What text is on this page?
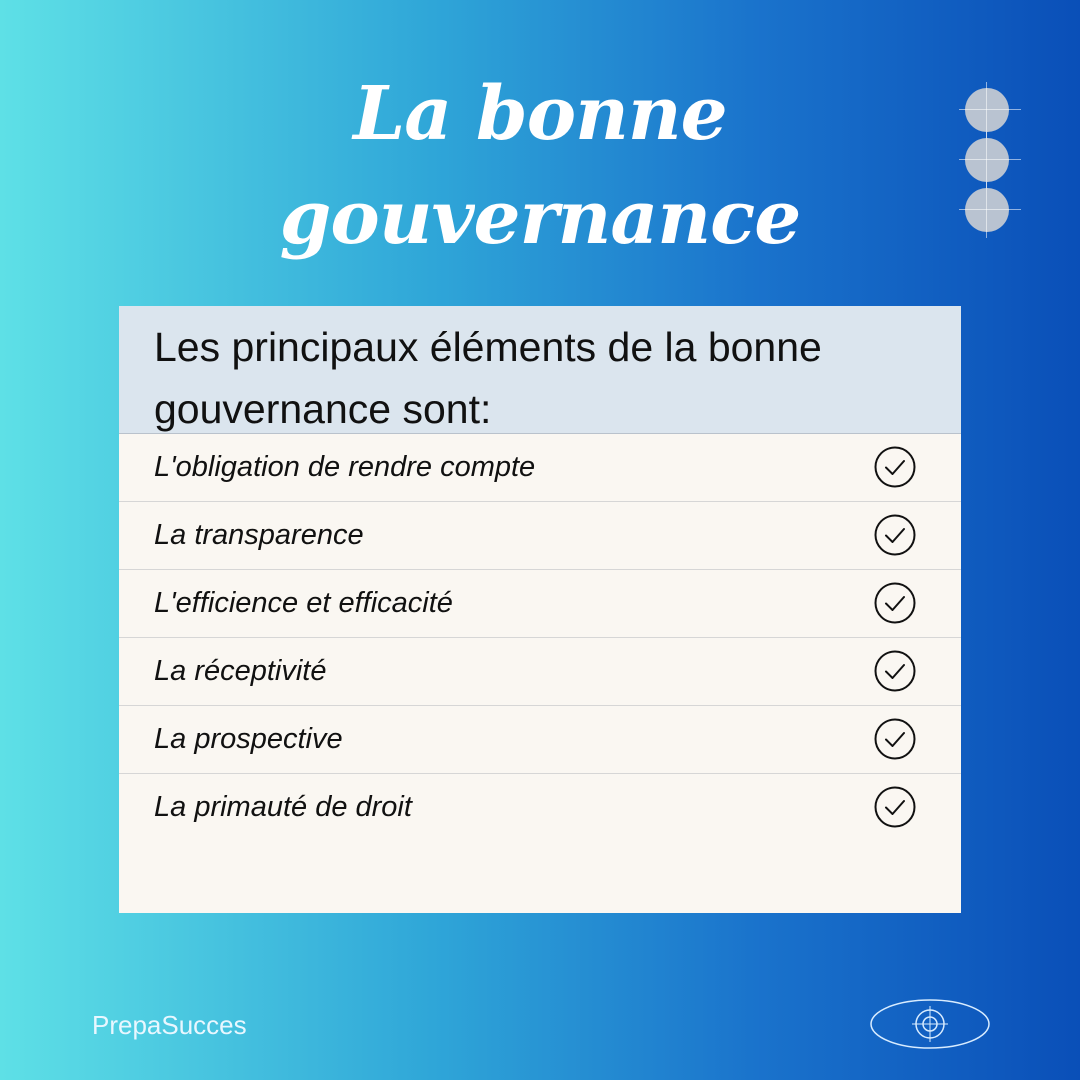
La bonne
gouvernance
Les principaux éléments de la bonne gouvernance sont:
L'obligation de rendre compte
La transparence
L'efficience et efficacité
La réceptivité
La prospective
La primauté de droit
PrepaSucces
